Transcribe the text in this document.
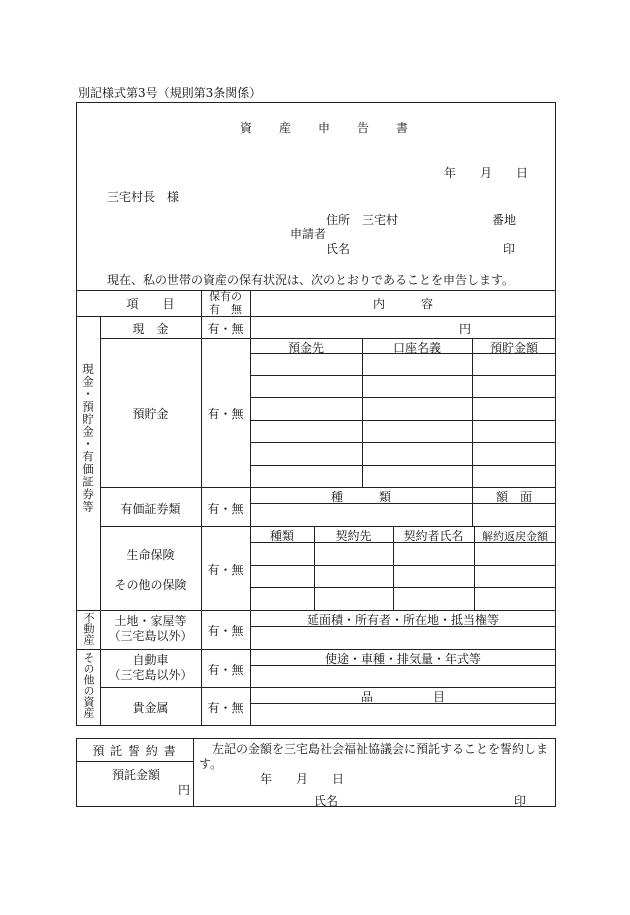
別記様式第3号（規則第3条関係）
資　　産　　申　　告　　書
年　　月　　日
三宅村長　様
住所　三宅村	番地
申請者
氏名	印
現在、私の世帯の資産の保有状況は、次のとおりであることを申告します。
項　　目
保有の
有　無	内　　　容
現金・預貯金・有価証券等
不動産
その他の資産
現　金	有・無	円
預貯金	有・無
預金先	口座名義	預貯金額
有価証券類	有・無
種　　　類	額　面
生命保険
その他の保険
有・無
種類	契約先	契約者氏名	解約返戻金額
土地・家屋等
（三宅島以外）	有・無
延面積・所有者・所在地・抵当権等
自動車
（三宅島以外）	有・無
使途・車種・排気量・年式等
貴金属	有・無
品　　　　　目
預 託 誓 約 書
預託金額
円
左記の金額を三宅島社会福祉協議会に預託することを誓約しま
す。
年　　月　　日
氏名	印
